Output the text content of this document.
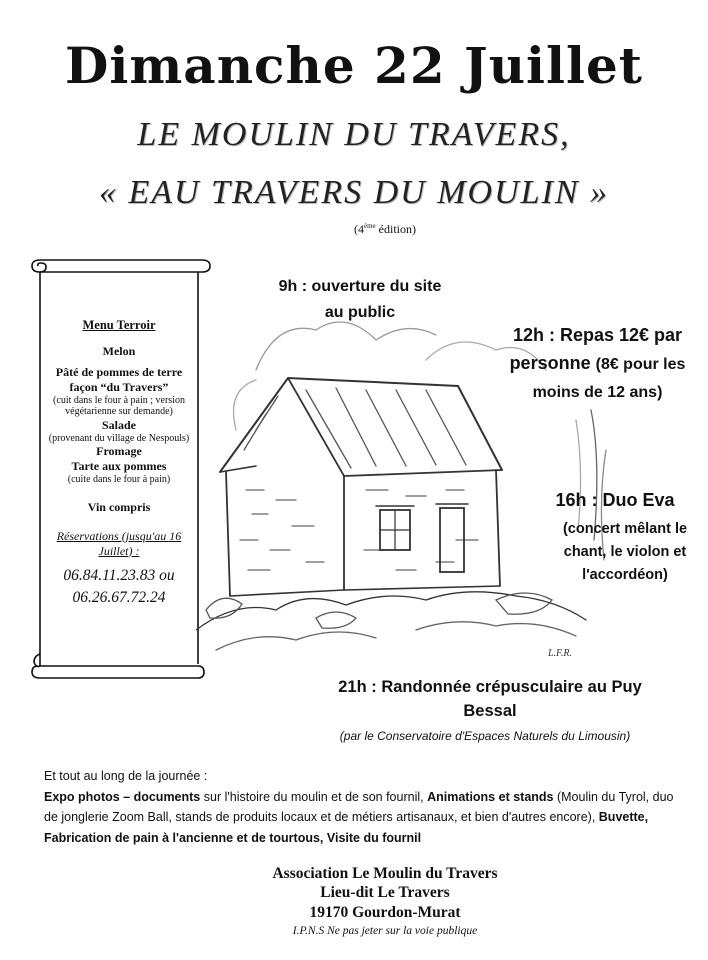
Dimanche 22 Juillet
LE MOULIN DU TRAVERS,
« EAU TRAVERS DU MOULIN »
(4ème édition)
Menu Terroir
Melon
Pâté de pommes de terre façon “du Travers”
(cuit dans le four à pain ; version végétarienne sur demande)
Salade
(provenant du village de Nespouls)
Fromage
Tarte aux pommes
(cuite dans le four à pain)
Vin compris
Réservations (jusqu'au 16 Juillet) :
06.84.11.23.83 ou
06.26.67.72.24
L.F.R.
9h : ouverture du site au public
12h : Repas 12€ par personne (8€ pour les moins de 12 ans)
16h : Duo Eva
(concert mêlant le chant, le violon et l'accordéon)
21h : Randonnée crépusculaire au Puy Bessal
(par le Conservatoire d'Espaces Naturels du Limousin)
Et tout au long de la journée :
Expo photos – documents sur l'histoire du moulin et de son fournil, Animations et stands (Moulin du Tyrol, duo de jonglerie Zoom Ball, stands de produits locaux et de métiers artisanaux, et bien d'autres encore), Buvette, Fabrication de pain à l'ancienne et de tourtous, Visite du fournil
Association Le Moulin du Travers
Lieu-dit Le Travers
19170 Gourdon-Murat
I.P.N.S Ne pas jeter sur la voie publique
